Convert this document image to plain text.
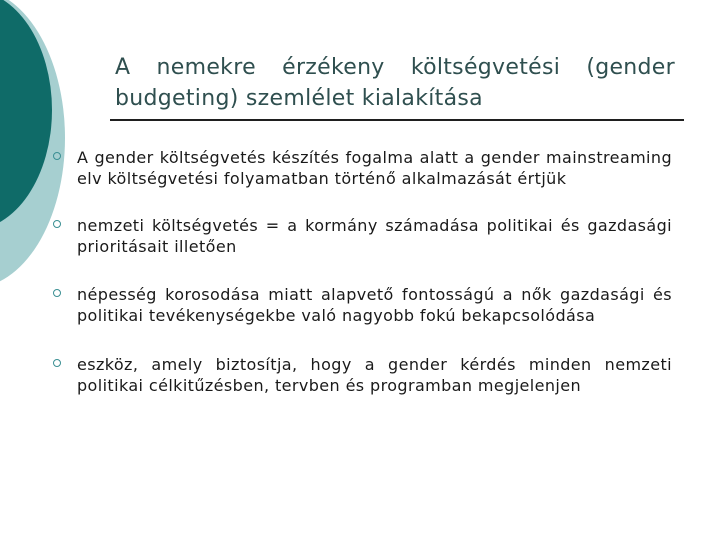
A nemekre érzékeny költségvetési (gender budgeting) szemlélet kialakítása
A gender költségvetés készítés fogalma alatt a gender mainstreaming elv költségvetési folyamatban történő alkalmazását értjük
nemzeti költségvetés = a kormány számadása politikai és gazdasági prioritásait illetően
népesség korosodása miatt alapvető fontosságú a nők gazdasági és politikai tevékenységekbe való nagyobb fokú bekapcsolódása
eszköz, amely biztosítja, hogy a gender kérdés minden nemzeti politikai célkitűzésben, tervben és programban megjelenjen
